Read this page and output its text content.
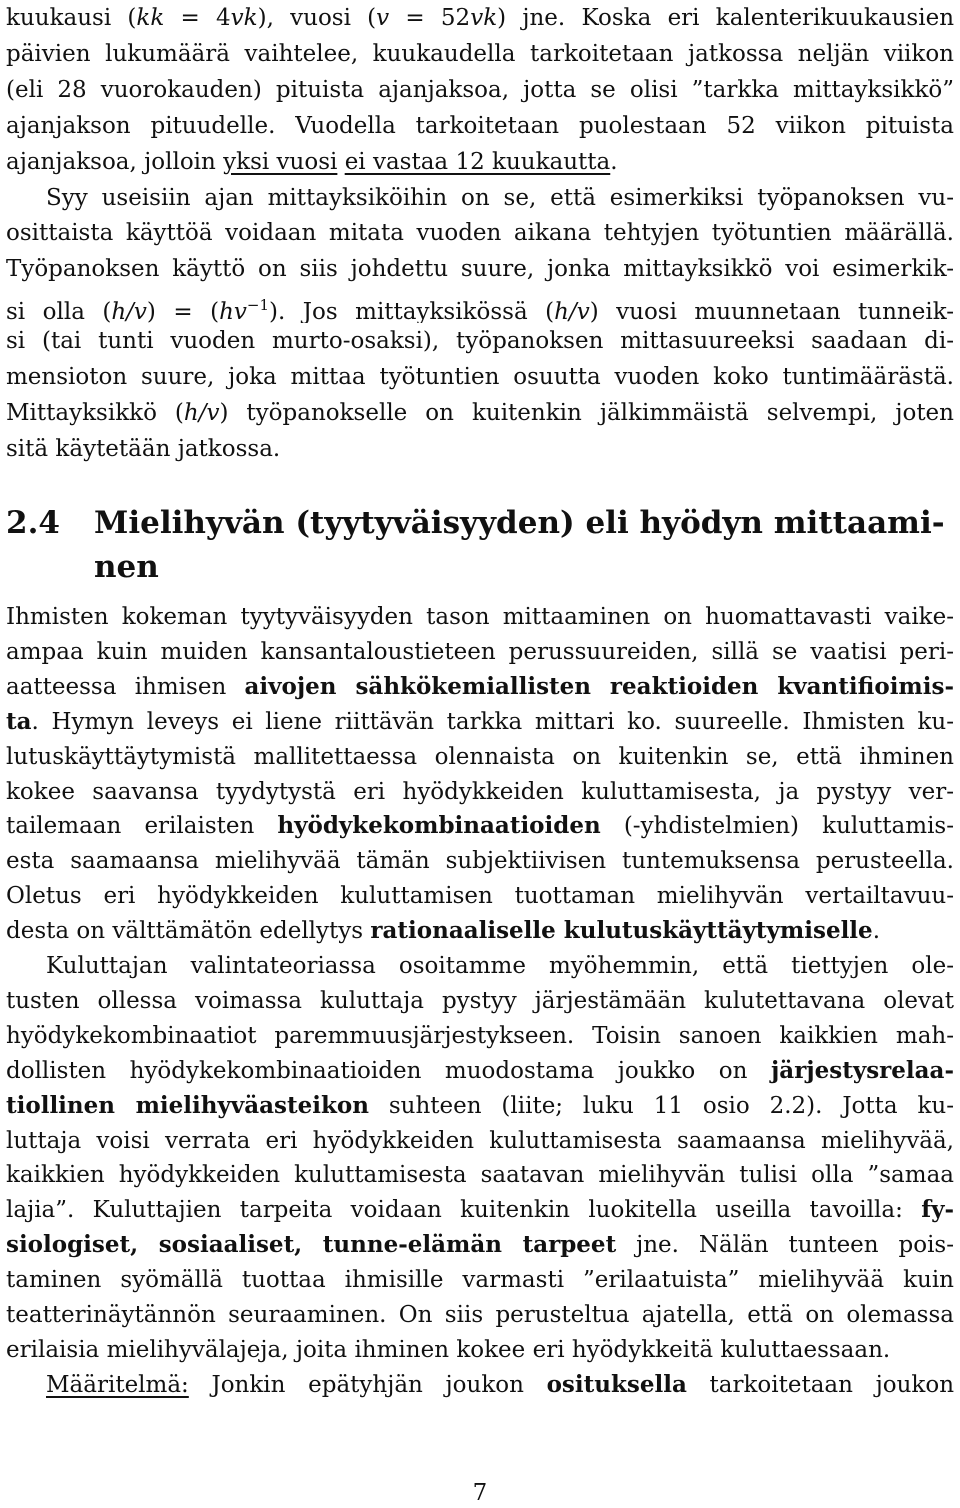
kuukausi (kk = 4vk), vuosi (v = 52vk) jne. Koska eri kalenterikuukausien
päivien lukumäärä vaihtelee, kuukaudella tarkoitetaan jatkossa neljän viikon
(eli 28 vuorokauden) pituista ajanjaksoa, jotta se olisi ”tarkka mittayksikkö”
ajanjakson pituudelle. Vuodella tarkoitetaan puolestaan 52 viikon pituista
ajanjaksoa, jolloin yksi vuosi ei vastaa 12 kuukautta.
Syy useisiin ajan mittayksiköihin on se, että esimerkiksi työpanoksen vu-
osittaista käyttöä voidaan mitata vuoden aikana tehtyjen työtuntien määrällä.
Työpanoksen käyttö on siis johdettu suure, jonka mittayksikkö voi esimerkik-
si olla $(h/v) = (hv^{-1})$. Jos mittayksikössä (h/v) vuosi muunnetaan tunneik-
si (tai tunti vuoden murto-osaksi), työpanoksen mittasuureeksi saadaan di-
mensioton suure, joka mittaa työtuntien osuutta vuoden koko tuntimäärästä.
Mittayksikkö (h/v) työpanokselle on kuitenkin jälkimmäistä selvempi, joten
sitä käytetään jatkossa.
2.4 Mielihyvän (tyytyväisyyden) eli hyödyn mittaami-
nen
Ihmisten kokeman tyytyväisyyden tason mittaaminen on huomattavasti vaike-
ampaa kuin muiden kansantaloustieteen perussuureiden, sillä se vaatisi peri-
aatteessa ihmisen aivojen sähkökemiallisten reaktioiden kvantifioimis-
ta. Hymyn leveys ei liene riittävän tarkka mittari ko. suureelle. Ihmisten ku-
lutuskäyttäytymistä mallitettaessa olennaista on kuitenkin se, että ihminen
kokee saavansa tyydytystä eri hyödykkeiden kuluttamisesta, ja pystyy ver-
tailemaan erilaisten hyödykekombinaatioiden (-yhdistelmien) kuluttamis-
esta saamaansa mielihyvää tämän subjektiivisen tuntemuksensa perusteella.
Oletus eri hyödykkeiden kuluttamisen tuottaman mielihyvän vertailtavuu-
desta on välttämätön edellytys rationaaliselle kulutuskäyttäytymiselle.
Kuluttajan valintateoriassa osoitamme myöhemmin, että tiettyjen ole-
tusten ollessa voimassa kuluttaja pystyy järjestämään kulutettavana olevat
hyödykekombinaatiot paremmuusjärjestykseen. Toisin sanoen kaikkien mah-
dollisten hyödykekombinaatioiden muodostama joukko on järjestysrelaa-
tiollinen mielihyväasteikon suhteen (liite; luku 11 osio 2.2). Jotta ku-
luttaja voisi verrata eri hyödykkeiden kuluttamisesta saamaansa mielihyvää,
kaikkien hyödykkeiden kuluttamisesta saatavan mielihyvän tulisi olla ”samaa
lajia”. Kuluttajien tarpeita voidaan kuitenkin luokitella useilla tavoilla: fy-
siologiset, sosiaaliset, tunne-elämän tarpeet jne. Nälän tunteen pois-
taminen syömällä tuottaa ihmisille varmasti ”erilaatuista” mielihyvää kuin
teatterinäytännön seuraaminen. On siis perusteltua ajatella, että on olemassa
erilaisia mielihyvälajeja, joita ihminen kokee eri hyödykkeitä kuluttaessaan.
Määritelmä: Jonkin epätyhjän joukon osituksella tarkoitetaan joukon
7
